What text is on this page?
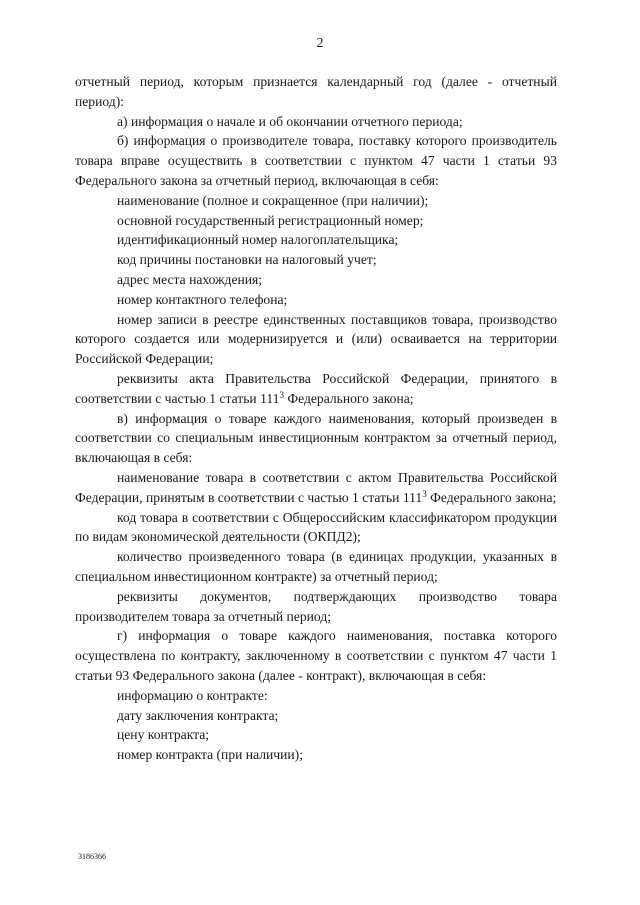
2

отчетный период, которым признается календарный год (далее - отчетный период):

а) информация о начале и об окончании отчетного периода;

б) информация о производителе товара, поставку которого производитель товара вправе осуществить в соответствии с пунктом 47 части 1 статьи 93 Федерального закона за отчетный период, включающая в себя:

наименование (полное и сокращенное (при наличии);

основной государственный регистрационный номер;

идентификационный номер налогоплательщика;

код причины постановки на налоговый учет;

адрес места нахождения;

номер контактного телефона;

номер записи в реестре единственных поставщиков товара, производство которого создается или модернизируется и (или) осваивается на территории Российской Федерации;

реквизиты акта Правительства Российской Федерации, принятого в соответствии с частью 1 статьи $111^3$ Федерального закона;

в) информация о товаре каждого наименования, который произведен в соответствии со специальным инвестиционным контрактом за отчетный период, включающая в себя:

наименование товара в соответствии с актом Правительства Российской Федерации, принятым в соответствии с частью 1 статьи $111^3$ Федерального закона;

код товара в соответствии с Общероссийским классификатором продукции по видам экономической деятельности (ОКПД2);

количество произведенного товара (в единицах продукции, указанных в специальном инвестиционном контракте) за отчетный период;

реквизиты документов, подтверждающих производство товара производителем товара за отчетный период;

г) информация о товаре каждого наименования, поставка которого осуществлена по контракту, заключенному в соответствии с пунктом 47 части 1 статьи 93 Федерального закона (далее - контракт), включающая в себя:

информацию о контракте:

дату заключения контракта;

цену контракта;

номер контракта (при наличии);

3186366
